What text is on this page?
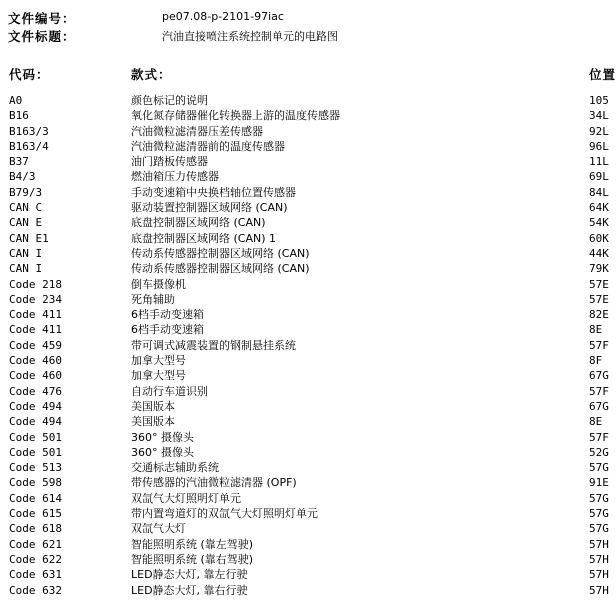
文件编号：	pe07.08-p-2101-97iac
文件标题：	汽油直接喷注系统控制单元的电路图
代码：	款式：	位置
A0	颜色标记的说明	105
B16	氧化氮存储器催化转换器上游的温度传感器	34L
B163/3	汽油微粒滤清器压差传感器	92L
B163/4	汽油微粒滤清器前的温度传感器	96L
B37	油门踏板传感器	11L
B4/3	燃油箱压力传感器	69L
B79/3	手动变速箱中央换档轴位置传感器	84L
CAN C	驱动装置控制器区域网络 (CAN)	64K
CAN E	底盘控制器区域网络 (CAN)	54K
CAN E1	底盘控制器区域网络 (CAN) 1	60K
CAN I	传动系传感器控制器区域网络 (CAN)	44K
CAN I	传动系传感器控制器区域网络 (CAN)	79K
Code 218	倒车摄像机	57E
Code 234	死角辅助	57E
Code 411	6档手动变速箱	82E
Code 411	6档手动变速箱	8E
Code 459	带可调式减震装置的钢制悬挂系统	57F
Code 460	加拿大型号	8F
Code 460	加拿大型号	67G
Code 476	自动行车道识别	57F
Code 494	美国版本	67G
Code 494	美国版本	8E
Code 501	360° 摄像头	57F
Code 501	360° 摄像头	52G
Code 513	交通标志辅助系统	57G
Code 598	带传感器的汽油微粒滤清器 (OPF)	91E
Code 614	双氙气大灯照明灯单元	57G
Code 615	带内置弯道灯的双氙气大灯照明灯单元	57G
Code 618	双氙气大灯	57G
Code 621	智能照明系统 (靠左驾驶)	57H
Code 622	智能照明系统 (靠右驾驶)	57H
Code 631	LED静态大灯, 靠左行驶	57H
Code 632	LED静态大灯, 靠右行驶	57H
